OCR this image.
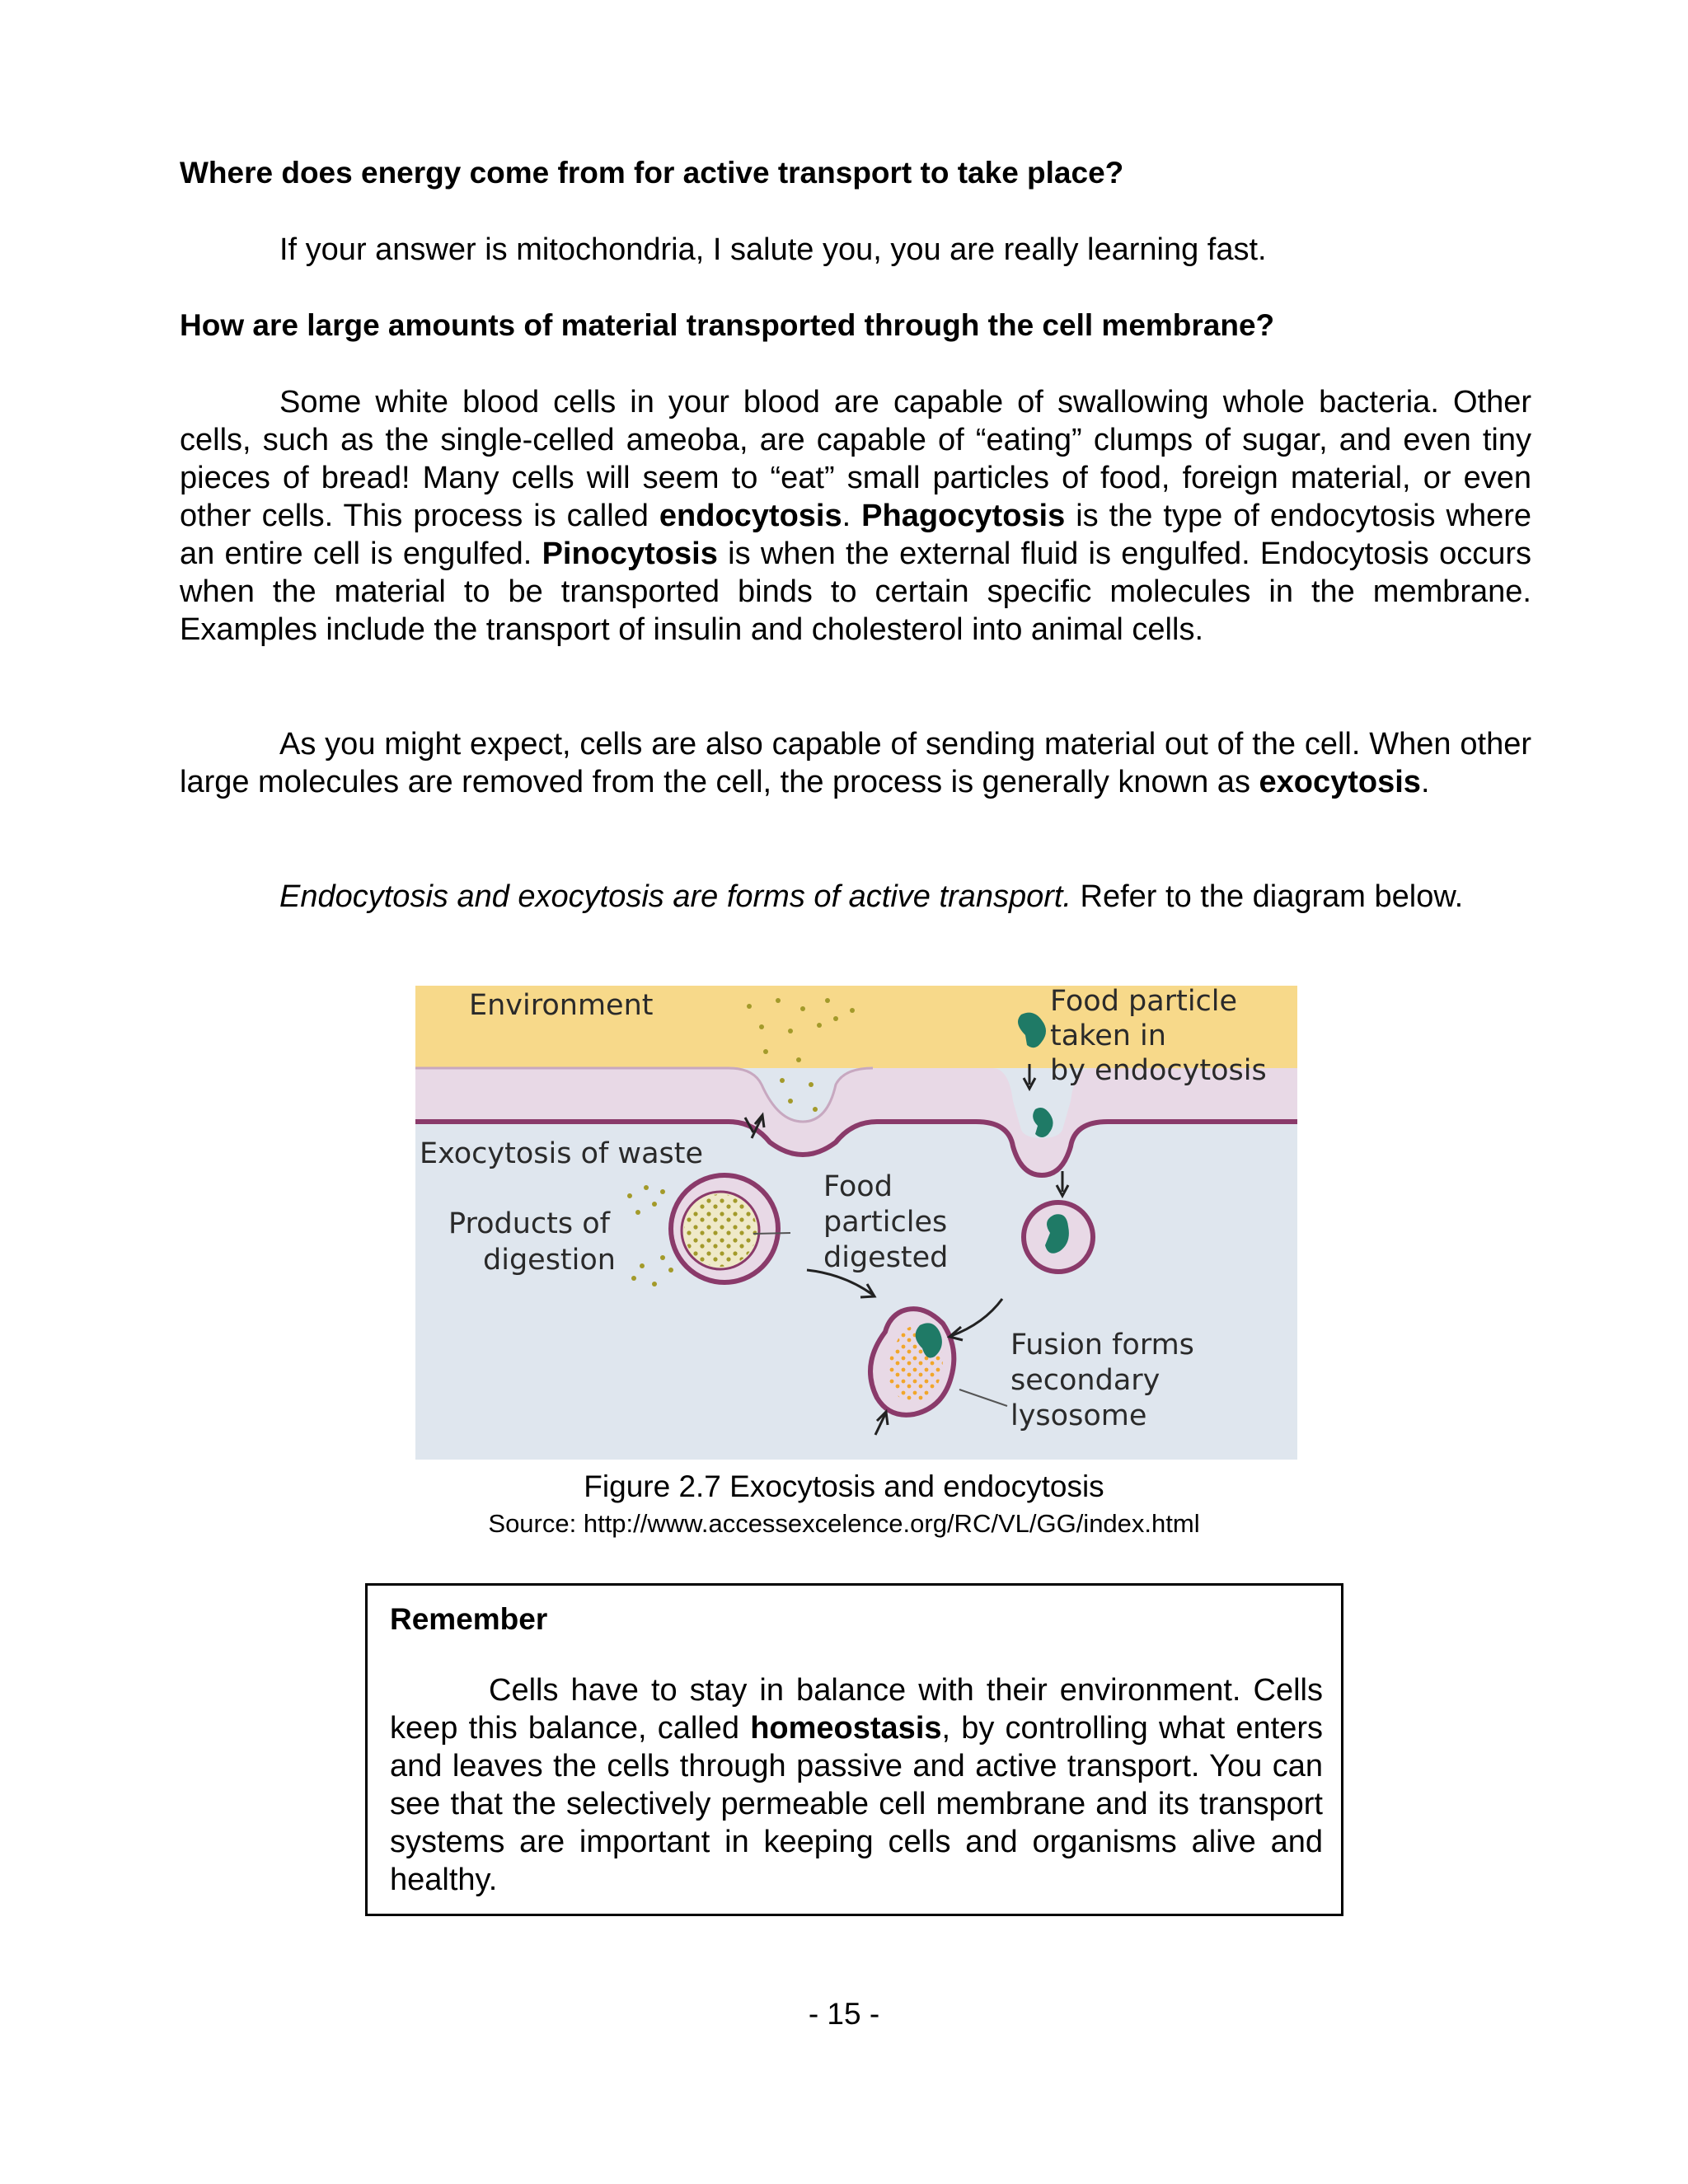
Where does energy come from for active transport to take place?
If your answer is mitochondria, I salute you, you are really learning fast.
How are large amounts of material transported through the cell membrane?
Some white blood cells in your blood are capable of swallowing whole bacteria. Other cells, such as the single-celled ameoba, are capable of “eating” clumps of sugar, and even tiny pieces of bread! Many cells will seem to “eat” small particles of food, foreign material, or even other cells. This process is called endocytosis. Phagocytosis is the type of endocytosis where an entire cell is engulfed. Pinocytosis is when the external fluid is engulfed. Endocytosis occurs when the material to be transported binds to certain specific molecules in the membrane. Examples include the transport of insulin and cholesterol into animal cells.
As you might expect, cells are also capable of sending material out of the cell. When other large molecules are removed from the cell, the process is generally known as exocytosis.
Endocytosis and exocytosis are forms of active transport. Refer to the diagram below.
Environment	Food particle
taken in
by endocytosis
Exocytosis of waste
Products of
digestion
Food
particles
digested
Fusion forms
secondary
lysosome
Figure 2.7 Exocytosis and endocytosis
Source: http://www.accessexcelence.org/RC/VL/GG/index.html
Remember
Cells have to stay in balance with their environment. Cells keep this balance, called homeostasis, by controlling what enters and leaves the cells through passive and active transport. You can see that the selectively permeable cell membrane and its transport systems are important in keeping cells and organisms alive and healthy.
- 15 -
